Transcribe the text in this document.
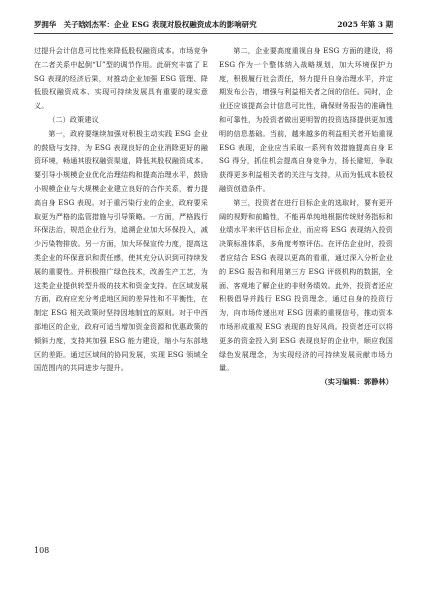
罗拥华　关子晗
刘杰军：企业 ESG 表现对股权融资成本的影响研究	2025 年第 3 期

过提升会计信息可比性来降低股权融资成本。市场竞争在二者关系中起倒“U”型的调节作用。此研究丰富了 ESG 表现的经济后果，对推动企业加强 ESG 管理、降低股权融资成本、实现可持续发展具有重要的现实意义。

（二）政策建议

第一，政府要继续加强对积极主动实践 ESG 企业的鼓励与支持，为 ESG 表现良好的企业消除更好的融资环境，畅通其股权融资渠道，降低其股权融资成本。要引导小规模企业优化治理结构和提高治理水平，鼓励小规模企业与大规模企业建立良好的合作关系，着力提高自身 ESG 表现。对于重污染行业的企业，政府要采取更为严格的监管措施与引导策略。一方面，严格践行环保法治，规范企业行为，追溯企业加大环保投入，减少污染物排放。另一方面，加大环保宣传力度，提高这类企业的环保意识和责任感，使其充分认识到可持续发展的重要性。并积极推广绿色技术，改善生产工艺，为这类企业提供转型升级的技术和资金支持。在区域发展方面，政府应充分考虑地区间的差异性和不平衡性，在制定 ESG 相关政策时坚持因地制宜的原则。对于中西部地区的企业，政府可适当增加资金资源和优惠政策的倾斜力度，支持其加强 ESG 能力建设，缩小与东部地区的差距。通过区域间的协同发展，实现 ESG 领域全国范围内的共同进步与提升。

第二，企业要高度重视自身 ESG 方面的建设，将 ESG 作为一个整体纳入战略规划，加大环境保护力度，积极履行社会责任，努力提升自身治理水平，并定期发布公告，增强与利益相关者之间的信任。同时，企业还应该提高会计信息可比性，确保财务报告的准确性和可靠性，为投资者做出更明智的投资选择提供更加透明的信息基础。当前，越来越多的利益相关者开始重视 ESG 表现，企业应当采取一系列有效措施提高自身 ESG 得分，抓住机会提高自身竞争力，扬长避短，争取获得更多利益相关者的关注与支持，从而为低成本股权融资创造条件。

第三，投资者在进行目标企业的选取时，要有更开阔的视野和前瞻性，不能再单纯地根据传统财务指标和业绩水平来评估目标企业，而应将 ESG 表现纳入投资决策标准体系，多角度考察评估。在评估企业时，投资者应结合 ESG 表现以更高的看重，通过深入分析企业的 ESG 报告和利用第三方 ESG 评级机构的数据，全面、客观地了解企业的非财务绩效。此外，投资者还应积极倡导并践行 ESG 投资理念，通过自身的投资行为，向市场传递出对 ESG 因素的重视信号，推动资本市场形成重视 ESG 表现的良好风尚。投资者还可以将更多的资金投入到 ESG 表现良好的企业中，顺应我国绿色发展理念，为实现经济的可持续发展贡献市场力量。

（实习编辑：郭静林）

108
